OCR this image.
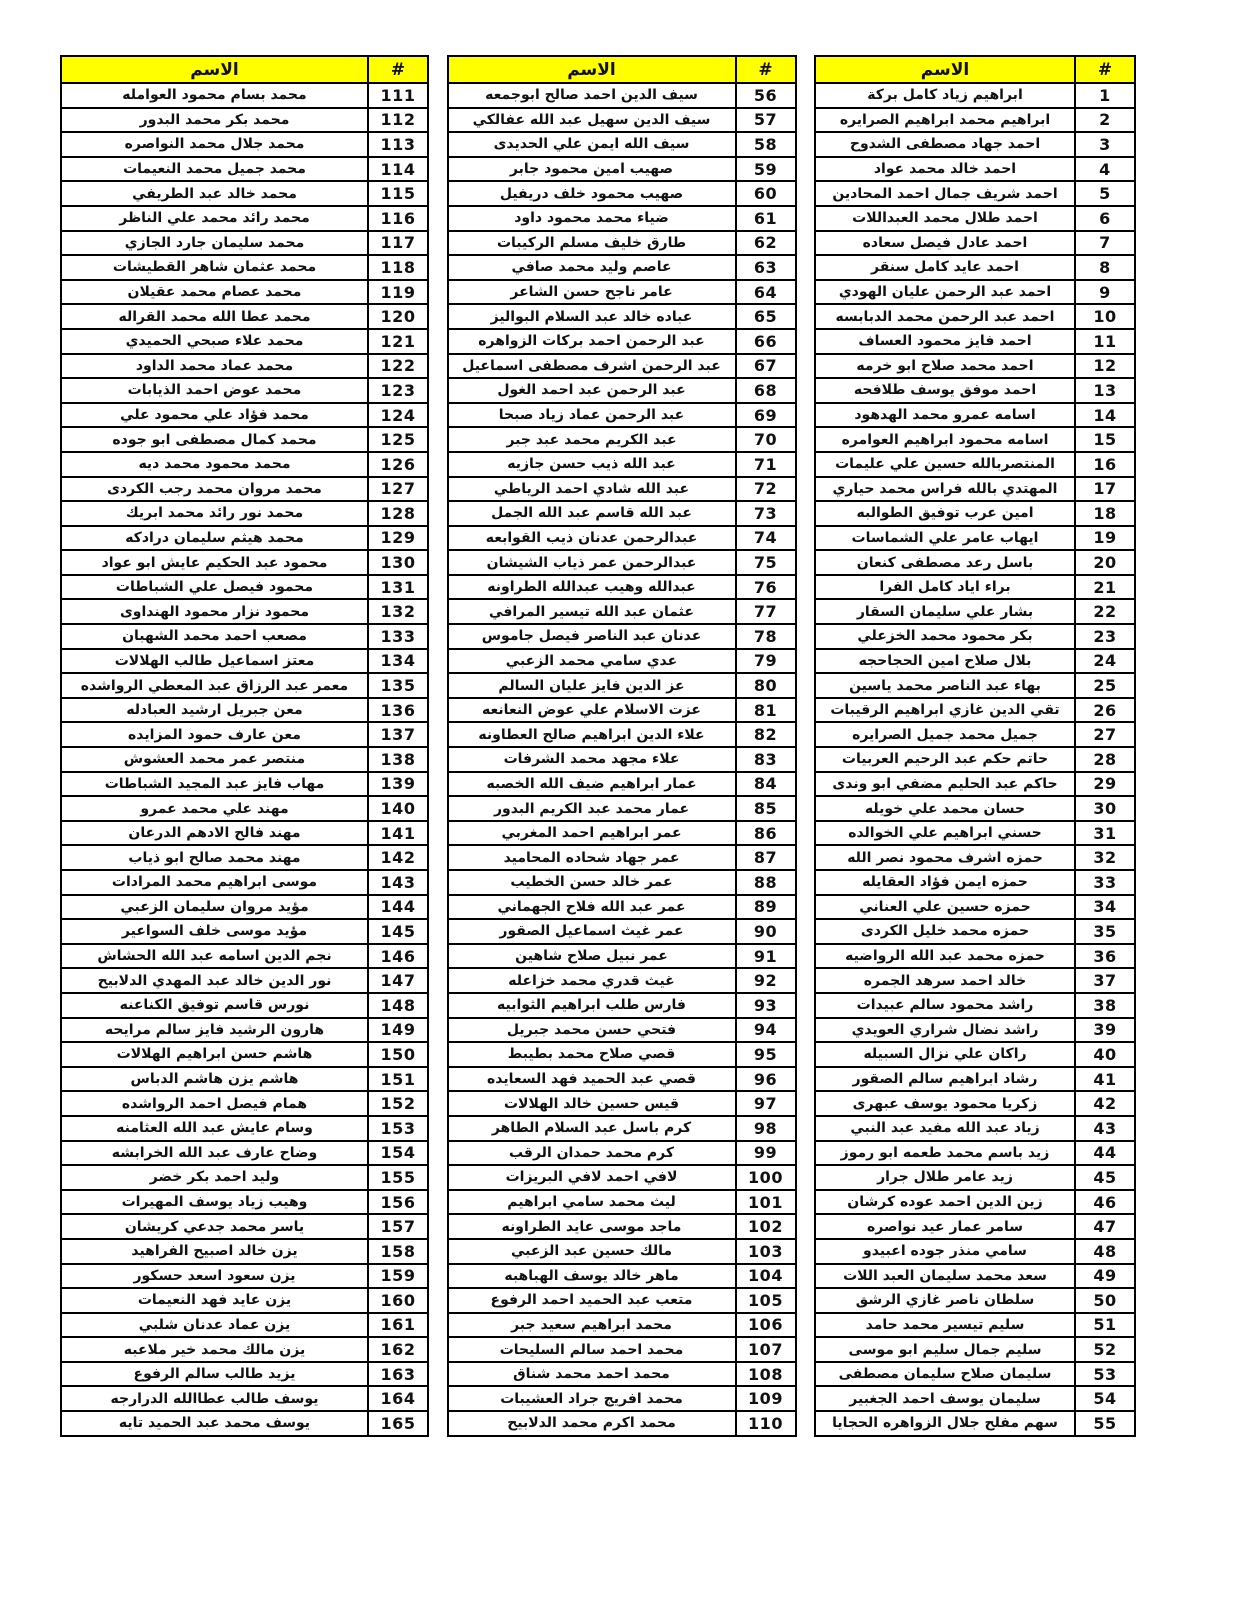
#	الاسم
1	ابراهيم زياد كامل بركة
2	ابراهيم محمد ابراهيم الصرايره
3	احمد جهاد مصطفى الشدوح
4	احمد خالد محمد عواد
5	احمد شريف جمال احمد المحادين
6	احمد طلال محمد العبداللات
7	احمد عادل فيصل سعاده
8	احمد عايد كامل سنقر
9	احمد عبد الرحمن عليان الهودي
10	احمد عبد الرحمن محمد الدبابسه
11	احمد فايز محمود العساف
12	احمد محمد صلاح ابو خرمه
13	احمد موفق يوسف طلافحه
14	اسامه عمرو محمد الهدهود
15	اسامه محمود ابراهيم العوامره
16	المنتصربالله حسين علي عليمات
17	المهتدي بالله فراس محمد حياري
18	امين عرب توفيق الطوالبه
19	ايهاب عامر علي الشماسات
20	باسل رعد مصطفى كنعان
21	براء اياد كامل الفرا
22	بشار علي سليمان السقار
23	بكر محمود محمد الخزعلي
24	بلال صلاح امين الحجاحجه
25	بهاء عبد الناصر محمد ياسين
26	تقي الدين غازي ابراهيم الرقيبات
27	جميل محمد جميل الصرايره
28	حاتم حكم عبد الرحيم العربيات
29	حاكم عبد الحليم مضفي ابو وندى
30	حسان محمد علي خويله
31	حسني ابراهيم علي الخوالده
32	حمزه اشرف محمود نصر الله
33	حمزه ايمن فؤاد العقايله
34	حمزه حسين علي العناني
35	حمزه محمد خليل الكردى
36	حمزه محمد عبد الله الرواضيه
37	خالد احمد سرهد الجمره
38	راشد محمود سالم عبيدات
39	راشد نضال شراري العويدي
40	راكان علي نزال السبيله
41	رشاد ابراهيم سالم الصقور
42	زكريا محمود يوسف عبهرى
43	زياد عبد الله مفيد عبد النبي
44	زيد باسم محمد طعمه ابو رموز
45	زيد عامر طلال جرار
46	زين الدين احمد عوده كرشان
47	سامر عمار عيد نواصره
48	سامي منذر جوده اعبيدو
49	سعد محمد سليمان العبد اللات
50	سلطان ناصر غازي الرشق
51	سليم تيسير محمد حامد
52	سليم جمال سليم ابو موسى
53	سليمان صلاح سليمان مصطفى
54	سليمان يوسف احمد الجغبير
55	سهم مفلح جلال الزواهره الحجايا
#	الاسم
56	سيف الدين احمد صالح ابوجمعه
57	سيف الدين سهيل عبد الله عفالكي
58	سيف الله ايمن علي الحديدى
59	صهيب امين محمود جابر
60	صهيب محمود خلف دريفيل
61	ضياء محمد محمود داود
62	طارق خليف مسلم الركيبات
63	عاصم وليد محمد صافي
64	عامر ناجح حسن الشاعر
65	عباده خالد عبد السلام البواليز
66	عبد الرحمن احمد بركات الزواهره
67	عبد الرحمن اشرف مصطفى اسماعيل
68	عبد الرحمن عبد احمد الغول
69	عبد الرحمن عماد زياد صبحا
70	عبد الكريم محمد عبد جبر
71	عبد الله ذيب حسن جازيه
72	عبد الله شادي احمد الرياطي
73	عبد الله قاسم عبد الله الجمل
74	عبدالرحمن عدنان ذيب القوابعه
75	عبدالرحمن عمر ذياب الشيشان
76	عبدالله وهيب عبدالله الطراونه
77	عثمان عبد الله تيسير المرافي
78	عدنان عبد الناصر فيصل جاموس
79	عدي سامي محمد الزعبي
80	عز الدين فايز عليان السالم
81	عزت الاسلام علي عوض النعانعه
82	علاء الدين ابراهيم صالح العطاونه
83	علاء مجهد محمد الشرفات
84	عمار ابراهيم ضيف الله الخصبه
85	عمار محمد عبد الكريم البدور
86	عمر ابراهيم احمد المغربي
87	عمر جهاد شحاده المحاميد
88	عمر خالد حسن الخطيب
89	عمر عبد الله فلاح الجهماني
90	عمر غيث اسماعيل الصقور
91	عمر نبيل صلاح شاهين
92	غيث قدري محمد خزاعله
93	فارس طلب ابراهيم الثوابيه
94	فتحي حسن محمد جبريل
95	قصي صلاح محمد بطيبط
96	قصي عبد الحميد فهد السعايده
97	قيس حسين خالد الهلالات
98	كرم باسل عبد السلام الطاهر
99	كرم محمد حمدان الرقب
100	لافي احمد لافي البريزات
101	ليث محمد سامي ابراهيم
102	ماجد موسى عايد الطراونه
103	مالك حسين عبد الزعبي
104	ماهر خالد يوسف الهباهبه
105	متعب عبد الحميد احمد الرفوع
106	محمد ابراهيم سعيد جبر
107	محمد احمد سالم السليحات
108	محمد احمد محمد شناق
109	محمد افريج جراد العشيبات
110	محمد اكرم محمد الدلابيح
#	الاسم
111	محمد بسام محمود العوامله
112	محمد بكر محمد البدور
113	محمد جلال محمد النواصره
114	محمد جميل محمد النعيمات
115	محمد خالد عبد الطريفي
116	محمد رائد محمد علي الناظر
117	محمد سليمان جارد الجازي
118	محمد عثمان شاهر القطيشات
119	محمد عصام محمد عقيلان
120	محمد عطا الله محمد القراله
121	محمد علاء صبحي الحميدي
122	محمد عماد محمد الداود
123	محمد عوض احمد الذيابات
124	محمد فؤاد علي محمود علي
125	محمد كمال مصطفى ابو جوده
126	محمد محمود محمد ديه
127	محمد مروان محمد رجب الكردى
128	محمد نور رائد محمد ابريك
129	محمد هيثم سليمان درادكه
130	محمود عبد الحكيم عايش ابو عواد
131	محمود فيصل علي الشباطات
132	محمود نزار محمود الهنداوى
133	مصعب احمد محمد الشهبان
134	معتز اسماعيل طالب الهلالات
135	معمر عبد الرزاق عبد المعطي الرواشده
136	معن جبريل ارشيد العبادله
137	معن عارف حمود المزايده
138	منتصر عمر محمد العشوش
139	مهاب فايز عبد المجيد الشباطات
140	مهند علي محمد عمرو
141	مهند فالح الادهم الدرعان
142	مهند محمد صالح ابو ذياب
143	موسى ابراهيم محمد المرادات
144	مؤيد مروان سليمان الزعبي
145	مؤيد موسى خلف السواعير
146	نجم الدين اسامه عبد الله الحشاش
147	نور الدين خالد عبد المهدي الدلابيح
148	نورس قاسم توفيق الكناعنه
149	هارون الرشيد فايز سالم مرايحه
150	هاشم حسن ابراهيم الهلالات
151	هاشم يزن هاشم الدباس
152	همام فيصل احمد الرواشده
153	وسام عايش عبد الله العثامنه
154	وضاح عارف عبد الله الخرابشه
155	وليد احمد بكر خضر
156	وهيب زياد يوسف المهيرات
157	ياسر محمد جدعي كريشان
158	يزن خالد اصبيح الفراهيد
159	يزن سعود اسعد حسكور
160	يزن عايد فهد النعيمات
161	يزن عماد عدنان شلبي
162	يزن مالك محمد خير ملاعبه
163	يزيد طالب سالم الرفوع
164	يوسف طالب عطاالله الدرارجه
165	يوسف محمد عبد الحميد تايه
